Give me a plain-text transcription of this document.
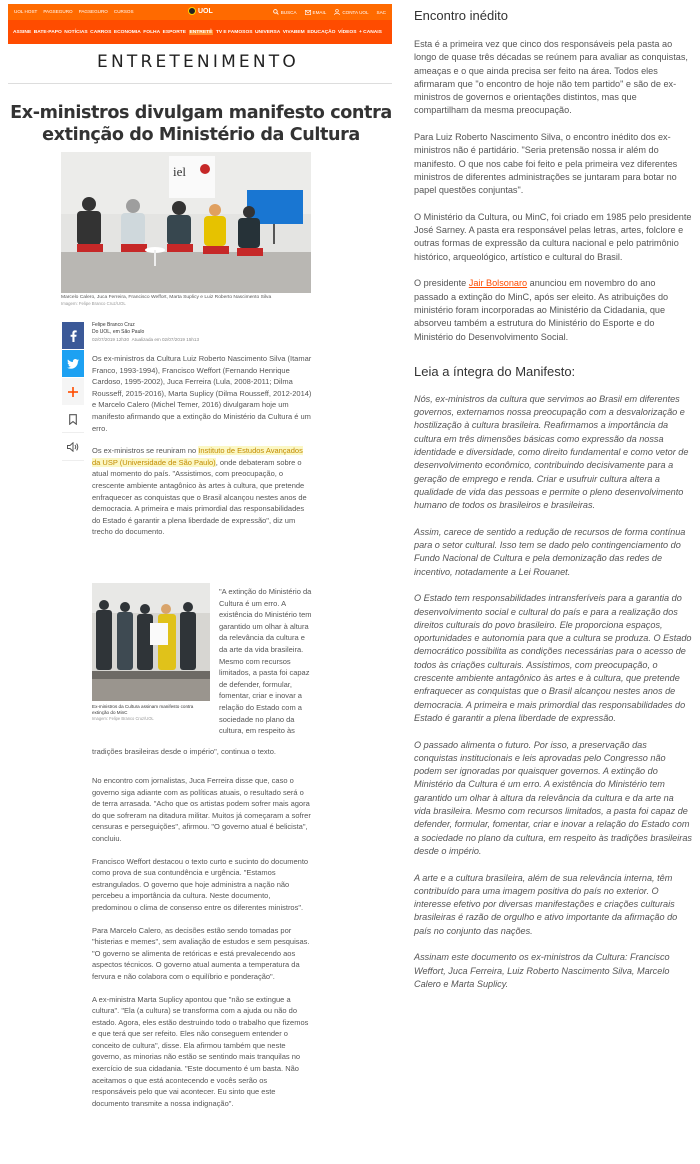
UOL HOST PAGSEGURO PAGSEGURO CURSOS	UOL	BUSCA	EMAIL	CONTA UOL SAC
ASSINE BATE-PAPO NOTÍCIAS CARROS ECONOMIA FOLHA ESPORTE ENTRETÊ TV E FAMOSOS UNIVERSA VIVABEM EDUCAÇÃO VÍDEOS + CANAIS
ENTRETENIMENTO
Ex-ministros divulgam manifesto contra extinção do Ministério da Cultura
iel
Marcelo Calero, Juca Ferreira, Francisco Weffort, Marta Suplicy e Luiz Roberto Nascimento Silva
Imagem: Felipe Branco Cruz/UOL
Felipe Branco Cruz
Do UOL, em São Paulo
02/07/2019 12h30 Atualizada em 02/07/2019 15h13

Os ex-ministros da Cultura Luiz Roberto Nascimento Silva (Itamar Franco, 1993-1994), Francisco Weffort (Fernando Henrique Cardoso, 1995-2002), Juca Ferreira (Lula, 2008-2011; Dilma Rousseff, 2015-2016), Marta Suplicy (Dilma Rousseff, 2012-2014) e Marcelo Calero (Michel Temer, 2016) divulgaram hoje um manifesto afirmando que a extinção do Ministério da Cultura é um erro.

Os ex-ministros se reuniram no Instituto de Estudos Avançados da USP (Universidade de São Paulo), onde debateram sobre o atual momento do país. "Assistimos, com preocupação, o crescente ambiente antagônico às artes à cultura, que pretende enfraquecer as conquistas que o Brasil alcançou nestes anos de democracia. A primeira e mais primordial das responsabilidades do Estado é garantir a plena liberdade de expressão", diz um trecho do documento.

Ex-ministros da Cultura assinam manifesto contra extinção do MinC
Imagem: Felipe Branco Cruz/UOL
"A extinção do Ministério da Cultura é um erro. A existência do Ministério tem garantido um olhar à altura da relevância da cultura e da arte da vida brasileira. Mesmo com recursos limitados, a pasta foi capaz de defender, formular, fomentar, criar e inovar a relação do Estado com a sociedade no plano da cultura, em respeito às
tradições brasileiras desde o império", continua o texto.

No encontro com jornalistas, Juca Ferreira disse que, caso o governo siga adiante com as políticas atuais, o resultado será o de terra arrasada. "Acho que os artistas podem sofrer mais agora do que sofreram na ditadura militar. Muitos já começaram a sofrer censuras e perseguições", afirmou. "O governo atual é belicista", concluiu.

Francisco Weffort destacou o texto curto e sucinto do documento como prova de sua contundência e urgência. "Estamos estrangulados. O governo que hoje administra a nação não percebeu a importância da cultura. Neste documento, predominou o clima de consenso entre os diferentes ministros".

Para Marcelo Calero, as decisões estão sendo tomadas por "histerias e memes", sem avaliação de estudos e sem pesquisas. "O governo se alimenta de retóricas e está prevalecendo aos aspectos técnicos. O governo atual aumenta a temperatura da fervura e não colabora com o equilíbrio e ponderação".

A ex-ministra Marta Suplicy apontou que "não se extingue a cultura". "Ela (a cultura) se transforma com a ajuda ou não do estado. Agora, eles estão destruindo todo o trabalho que fizemos e que terá que ser refeito. Eles não conseguem entender o conceito de cultura", disse. Ela afirmou também que neste governo, as minorias não estão se sentindo mais tranquilas no exercício de sua cidadania. "Este documento é um basta. Não aceitamos o que está acontecendo e vocês serão os responsáveis pelo que vai acontecer. Eu sinto que este documento transmite a nossa indignação".

Encontro inédito

Esta é a primeira vez que cinco dos responsáveis pela pasta ao longo de quase três décadas se reúnem para avaliar as conquistas, ameaças e o que ainda precisa ser feito na área. Todos eles afirmaram que "o encontro de hoje não tem partido" e são de ex-ministros de governos e orientações distintos, mas que compartilham da mesma preocupação.

Para Luiz Roberto Nascimento Silva, o encontro inédito dos ex-ministros não é partidário. "Seria pretensão nossa ir além do manifesto. O que nos cabe foi feito e pela primeira vez diferentes ministros de diferentes administrações se juntaram para botar no papel questões conjuntas".

O Ministério da Cultura, ou MinC, foi criado em 1985 pelo presidente José Sarney. A pasta era responsável pelas letras, artes, folclore e outras formas de expressão da cultura nacional e pelo patrimônio histórico, arqueológico, artístico e cultural do Brasil.

O presidente Jair Bolsonaro anunciou em novembro do ano passado a extinção do MinC, após ser eleito. As atribuições do ministério foram incorporadas ao Ministério da Cidadania, que absorveu também a estrutura do Ministério do Esporte e do Ministério do Desenvolvimento Social.

Leia a íntegra do Manifesto:

Nós, ex-ministros da cultura que servimos ao Brasil em diferentes governos, externamos nossa preocupação com a desvalorização e hostilização à cultura brasileira. Reafirmamos a importância da cultura em três dimensões básicas como expressão da nossa identidade e diversidade, como direito fundamental e como vetor de desenvolvimento econômico, contribuindo decisivamente para a geração de emprego e renda. Criar e usufruir cultura altera a qualidade de vida das pessoas e permite o pleno desenvolvimento humano de todos os brasileiros e brasileiras.

Assim, carece de sentido a redução de recursos de forma contínua para o setor cultural. Isso tem se dado pelo contingenciamento do Fundo Nacional de Cultura e pela demonização das redes de incentivo, notadamente a Lei Rouanet.

O Estado tem responsabilidades intransferíveis para a garantia do desenvolvimento social e cultural do país e para a realização dos direitos culturais do povo brasileiro. Ele proporciona espaços, oportunidades e autonomia para que a cultura se produza. O Estado democrático possibilita as condições necessárias para o acesso de todos às criações culturais. Assistimos, com preocupação, o crescente ambiente antagônico às artes e à cultura, que pretende enfraquecer as conquistas que o Brasil alcançou nestes anos de democracia. A primeira e mais primordial das responsabilidades do Estado é garantir a plena liberdade de expressão.

O passado alimenta o futuro. Por isso, a preservação das conquistas institucionais e leis aprovadas pelo Congresso não podem ser ignoradas por quaisquer governos. A extinção do Ministério da Cultura é um erro. A existência do Ministério tem garantido um olhar à altura da relevância da cultura e da arte na vida brasileira. Mesmo com recursos limitados, a pasta foi capaz de defender, formular, fomentar, criar e inovar a relação do Estado com a sociedade no plano da cultura, em respeito às tradições brasileiras desde o império.

A arte e a cultura brasileira, além de sua relevância interna, têm contribuído para uma imagem positiva do país no exterior. O interesse efetivo por diversas manifestações e criações culturais brasileiras é razão de orgulho e ativo importante da afirmação do país no conjunto das nações.

Assinam este documento os ex-ministros da Cultura: Francisco Weffort, Juca Ferreira, Luiz Roberto Nascimento Silva, Marcelo Calero e Marta Suplicy.
